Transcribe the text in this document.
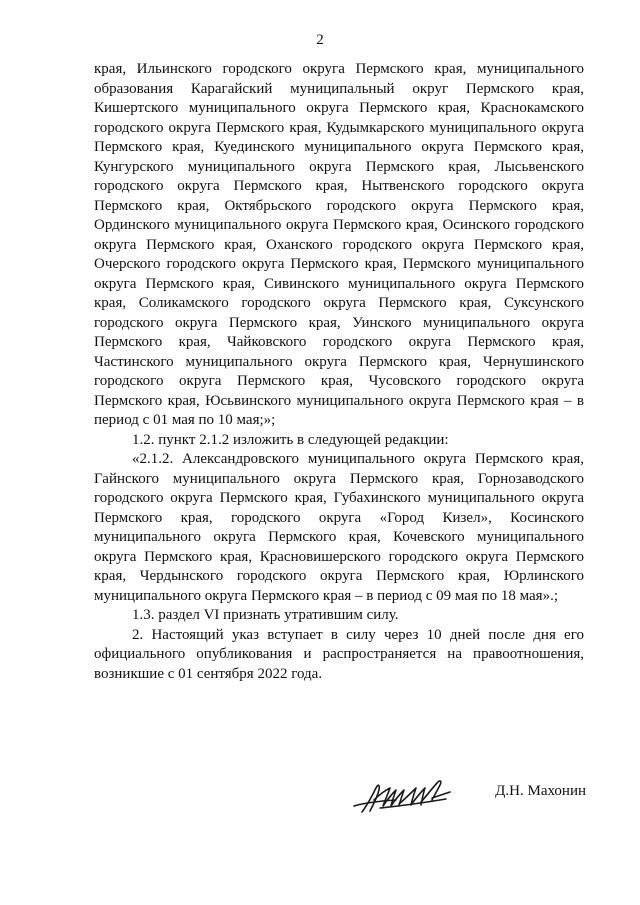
2

края, Ильинского городского округа Пермского края, муниципального образования Карагайский муниципальный округ Пермского края, Кишертского муниципального округа Пермского края, Краснокамского городского округа Пермского края, Кудымкарского муниципального округа Пермского края, Куединского муниципального округа Пермского края, Кунгурского муниципального округа Пермского края, Лысьвенского городского округа Пермского края, Нытвенского городского округа Пермского края, Октябрьского городского округа Пермского края, Ординского муниципального округа Пермского края, Осинского городского округа Пермского края, Оханского городского округа Пермского края, Очерского городского округа Пермского края, Пермского муниципального округа Пермского края, Сивинского муниципального округа Пермского края, Соликамского городского округа Пермского края, Суксунского городского округа Пермского края, Уинского муниципального округа Пермского края, Чайковского городского округа Пермского края, Частинского муниципального округа Пермского края, Чернушинского городского округа Пермского края, Чусовского городского округа Пермского края, Юсьвинского муниципального округа Пермского края – в период с 01 мая по 10 мая;»;

1.2. пункт 2.1.2 изложить в следующей редакции:

«2.1.2. Александровского муниципального округа Пермского края, Гайнского муниципального округа Пермского края, Горнозаводского городского округа Пермского края, Губахинского муниципального округа Пермского края, городского округа «Город Кизел», Косинского муниципального округа Пермского края, Кочевского муниципального округа Пермского края, Красновишерского городского округа Пермского края, Чердынского городского округа Пермского края, Юрлинского муниципального округа Пермского края – в период с 09 мая по 18 мая».;

1.3. раздел VI признать утратившим силу.

2. Настоящий указ вступает в силу через 10 дней после дня его официального опубликования и распространяется на правоотношения, возникшие с 01 сентября 2022 года.

Д.Н. Махонин
